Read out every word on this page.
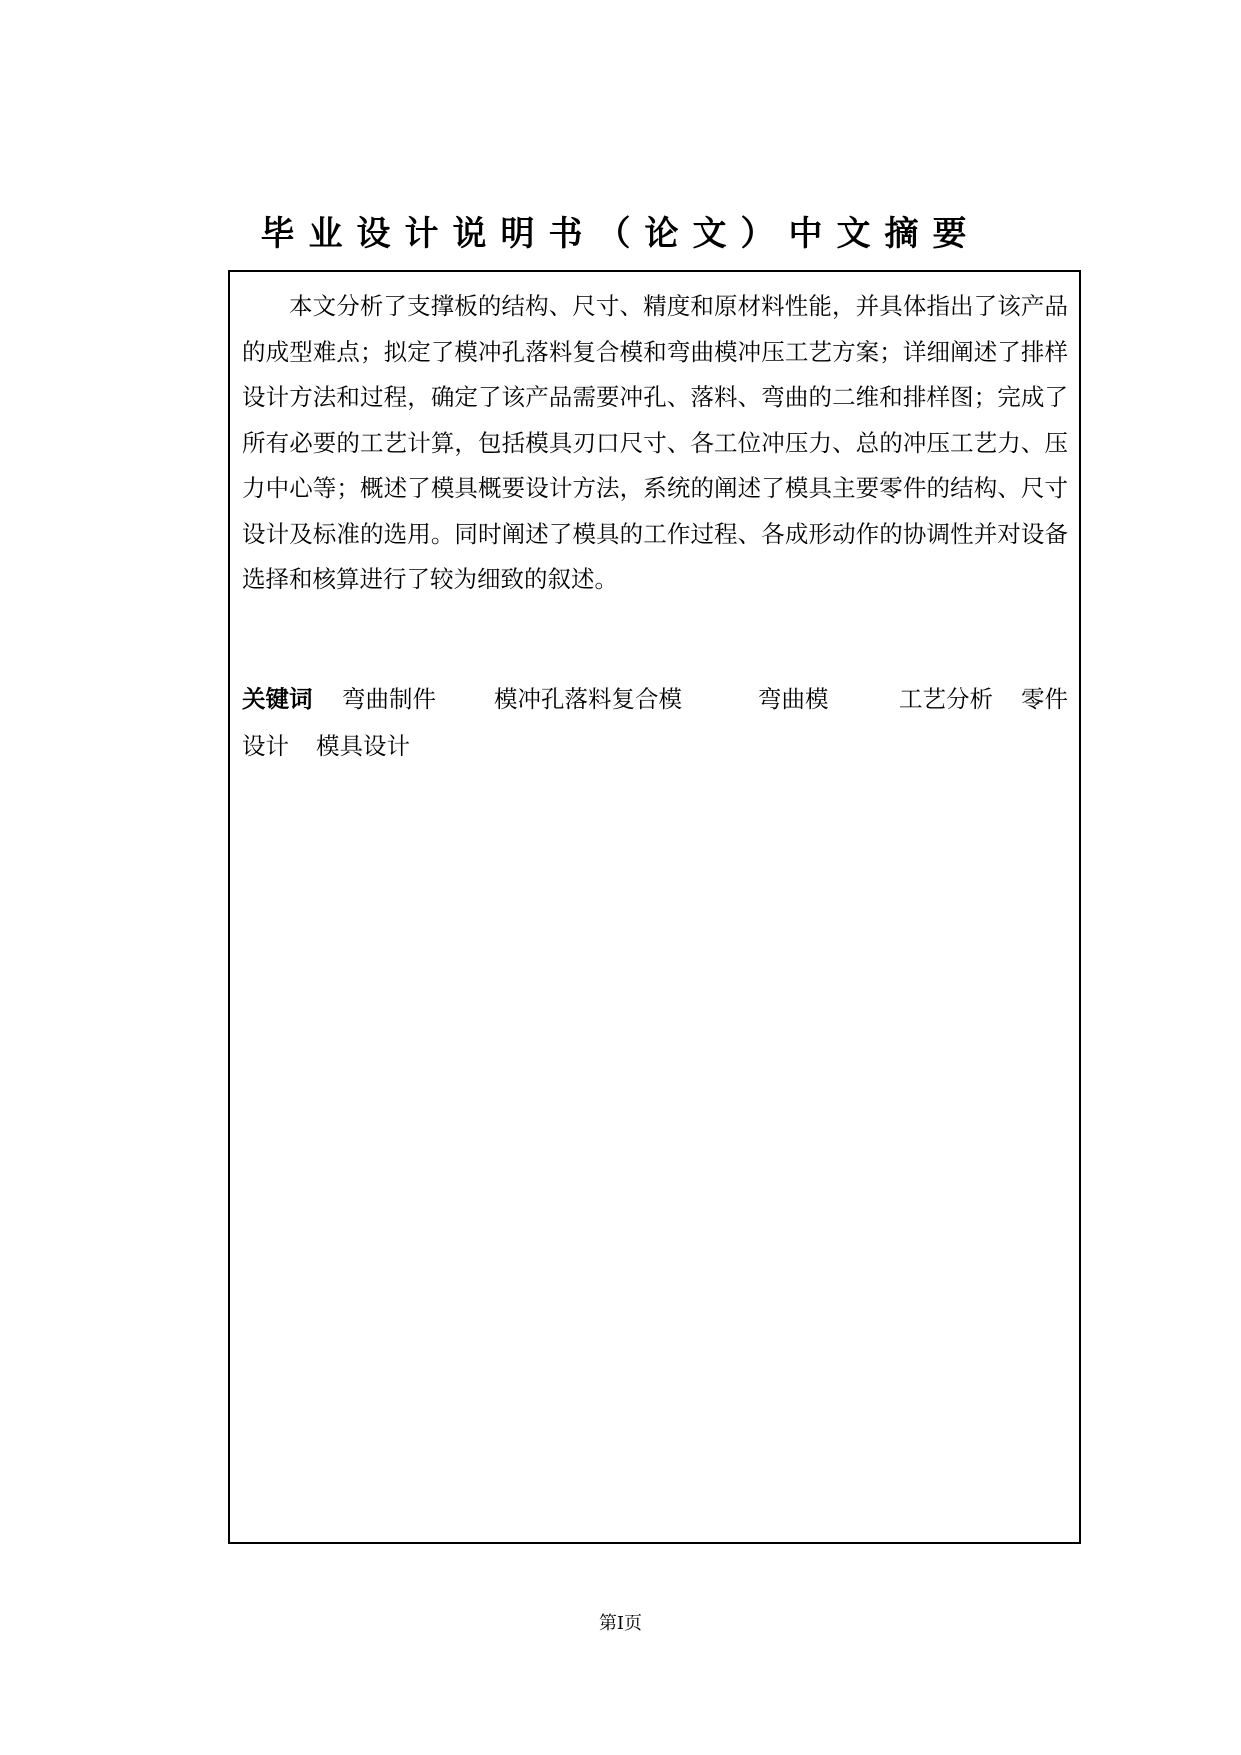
毕业设计说明书（论文）中文摘要

本文分析了支撑板的结构、尺寸、精度和原材料性能，并具体指出了该产品的成型难点；拟定了模冲孔落料复合模和弯曲模冲压工艺方案；详细阐述了排样设计方法和过程，确定了该产品需要冲孔、落料、弯曲的二维和排样图；完成了所有必要的工艺计算，包括模具刃口尺寸、各工位冲压力、总的冲压工艺力、压力中心等；概述了模具概要设计方法，系统的阐述了模具主要零件的结构、尺寸设计及标准的选用。同时阐述了模具的工作过程、各成形动作的协调性并对设备选择和核算进行了较为细致的叙述。

关键词 弯曲制件 模冲孔落料复合模	弯曲模	工艺分析 零件
设计 模具设计
第I页
